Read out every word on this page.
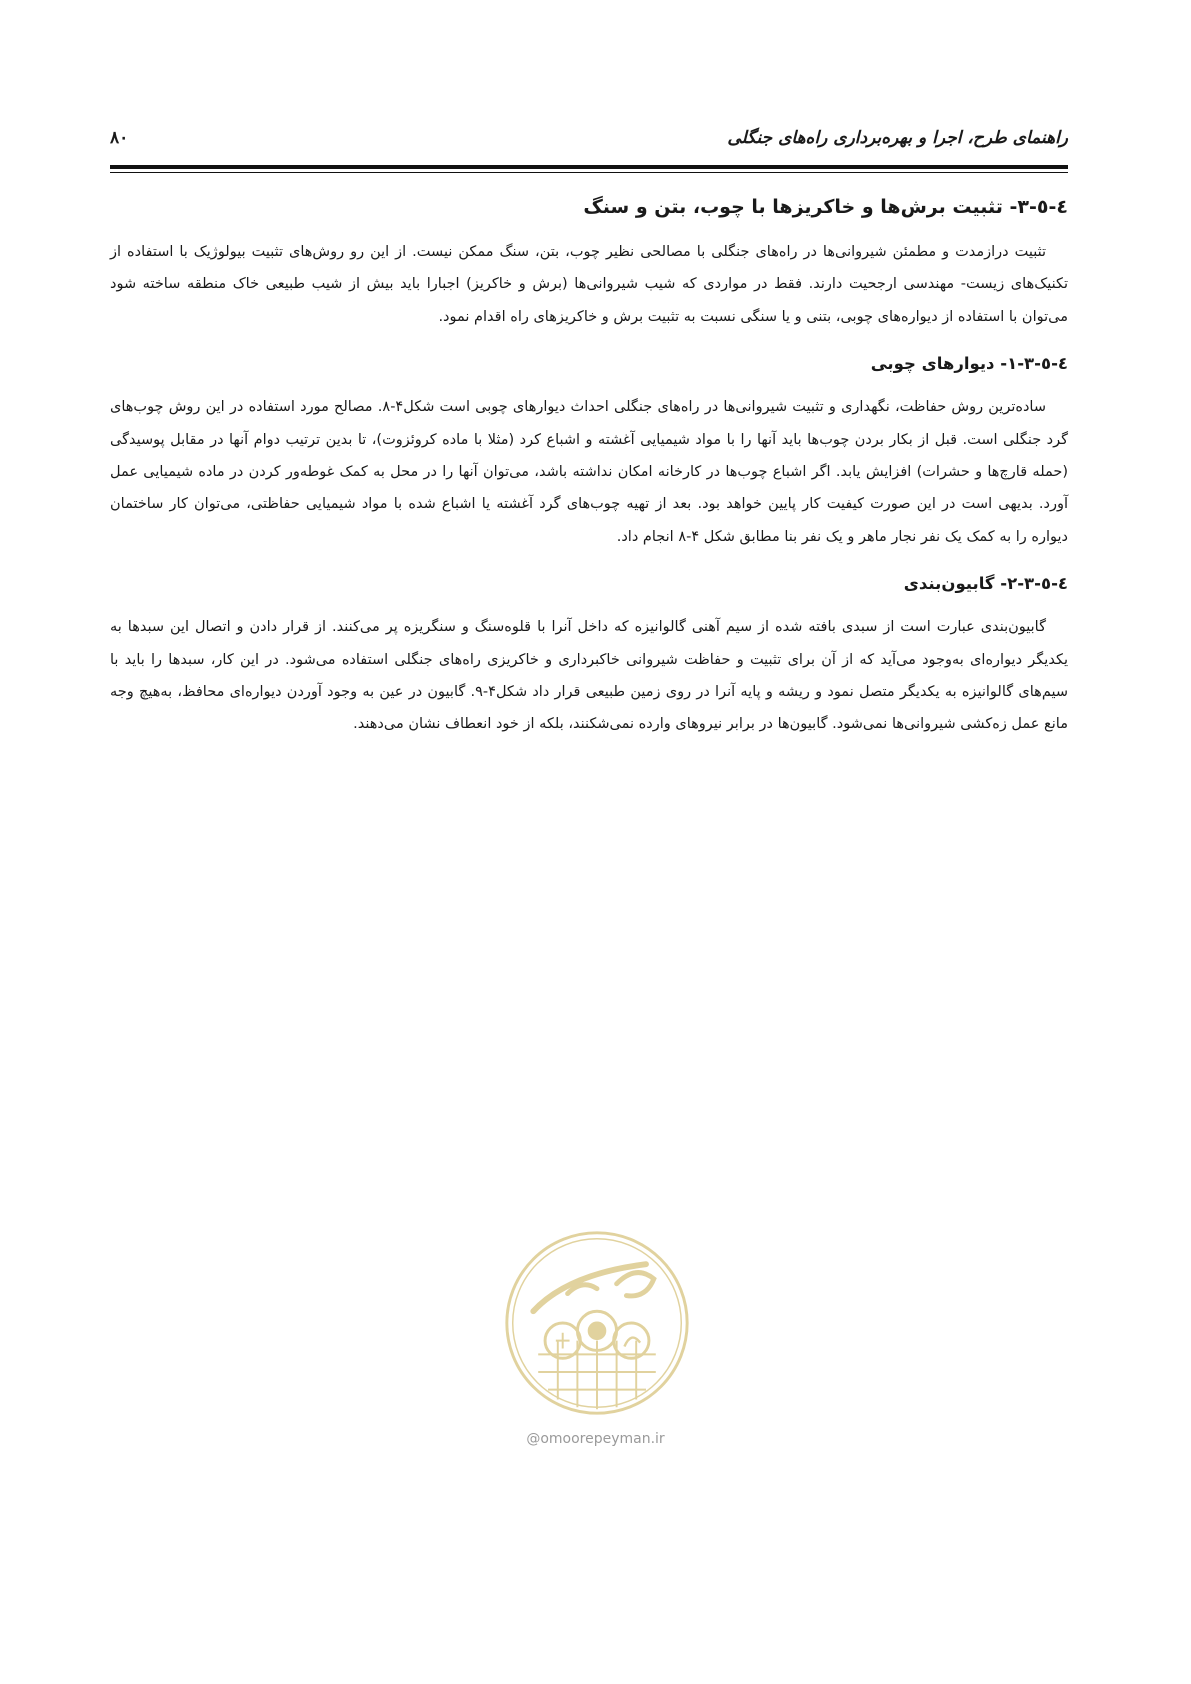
راهنمای طرح، اجرا و بهره‌برداری راه‌های جنگلی
۸۰
٤-٥-٣- تثبیت برش‌ها و خاکریزها با چوب، بتن و سنگ

تثبیت درازمدت و مطمئن شیروانی‌ها در راه‌های جنگلی با مصالحی نظیر چوب، بتن، سنگ ممکن نیست. از این رو روش‌های تثبیت بیولوژیک با استفاده از تکنیک‌های زیست- مهندسی ارجحیت دارند. فقط در مواردی که شیب شیروانی‌ها (برش و خاکریز) اجبارا باید بیش از شیب طبیعی خاک منطقه ساخته شود می‌توان با استفاده از دیواره‌های چوبی، بتنی و یا سنگی نسبت به تثبیت برش و خاکریزهای راه اقدام نمود.

٤-٥-٣-١- دیوارهای چوبی

ساده‌ترین روش حفاظت، نگهداری و تثبیت شیروانی‌ها در راه‌های جنگلی احداث دیوارهای چوبی است شکل۴-۸. مصالح مورد استفاده در این روش چوب‌های گرد جنگلی است. قبل از بکار بردن چوب‌ها باید آنها را با مواد شیمیایی آغشته و اشباع کرد (مثلا با ماده کروئزوت)، تا بدین ترتیب دوام آنها در مقابل پوسیدگی (حمله قارچ‌ها و حشرات) افزایش یابد. اگر اشباع چوب‌ها در کارخانه امکان نداشته باشد، می‌توان آنها را در محل به کمک غوطه‌ور کردن در ماده شیمیایی عمل آورد. بدیهی است در این صورت کیفیت کار پایین خواهد بود. بعد از تهیه چوب‌های گرد آغشته یا اشباع شده با مواد شیمیایی حفاظتی، می‌توان کار ساختمان دیواره را به کمک یک نفر نجار ماهر و یک نفر بنا مطابق شکل ۴-۸ انجام داد.

٤-٥-٣-٢- گابیون‌بندی

گابیون‌بندی عبارت است از سبدی بافته شده از سیم آهنی گالوانیزه که داخل آنرا با قلوه‌سنگ و سنگریزه پر می‌کنند. از قرار دادن و اتصال این سبدها به یکدیگر دیواره‌ای به‌وجود می‌آید که از آن برای تثبیت و حفاظت شیروانی خاکبرداری و خاکریزی راه‌های جنگلی استفاده می‌شود. در این کار، سبدها را باید با سیم‌های گالوانیزه به یکدیگر متصل نمود و ریشه و پایه آنرا در روی زمین طبیعی قرار داد شکل۴-۹. گابیون در عین به وجود آوردن دیواره‌ای محافظ، به‌هیچ وجه مانع عمل زه‌کشی شیروانی‌ها نمی‌شود. گابیون‌ها در برابر نیروهای وارده نمی‌شکنند، بلکه از خود انعطاف نشان می‌دهند.

@omoorepeyman.ir
